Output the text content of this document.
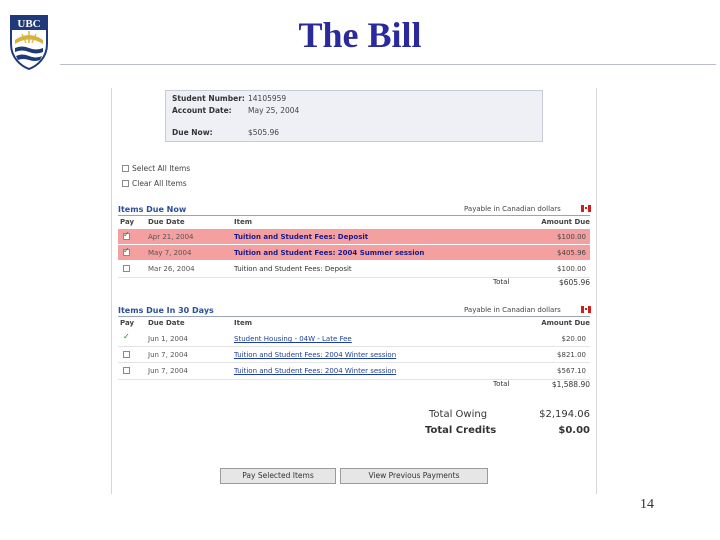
UBC	The Bill
Student Number: 14105959
Account Date: May 25, 2004
Due Now:	$505.96
Select All Items
Clear All Items
Items Due Now	Payable in Canadian dollars
Pay Due Date	Item	Amount Due
✓
Apr 21, 2004	Tuition and Student Fees: Deposit	$100.00
✓
May 7, 2004	Tuition and Student Fees: 2004 Summer session	$405.96
Mar 26, 2004	Tuition and Student Fees: Deposit	$100.00
Total	$605.96
Items Due In 30 Days	Payable in Canadian dollars
Pay Due Date	Item	Amount Due
✓
Jun 1, 2004	Student Housing - 04W - Late Fee	$20.00
Jun 7, 2004	Tuition and Student Fees: 2004 Winter session	$821.00
Jun 7, 2004	Tuition and Student Fees: 2004 Winter session	$567.10
Total	$1,588.90
Total Owing	$2,194.06
Total Credits	$0.00
Pay Selected Items	View Previous Payments
14
